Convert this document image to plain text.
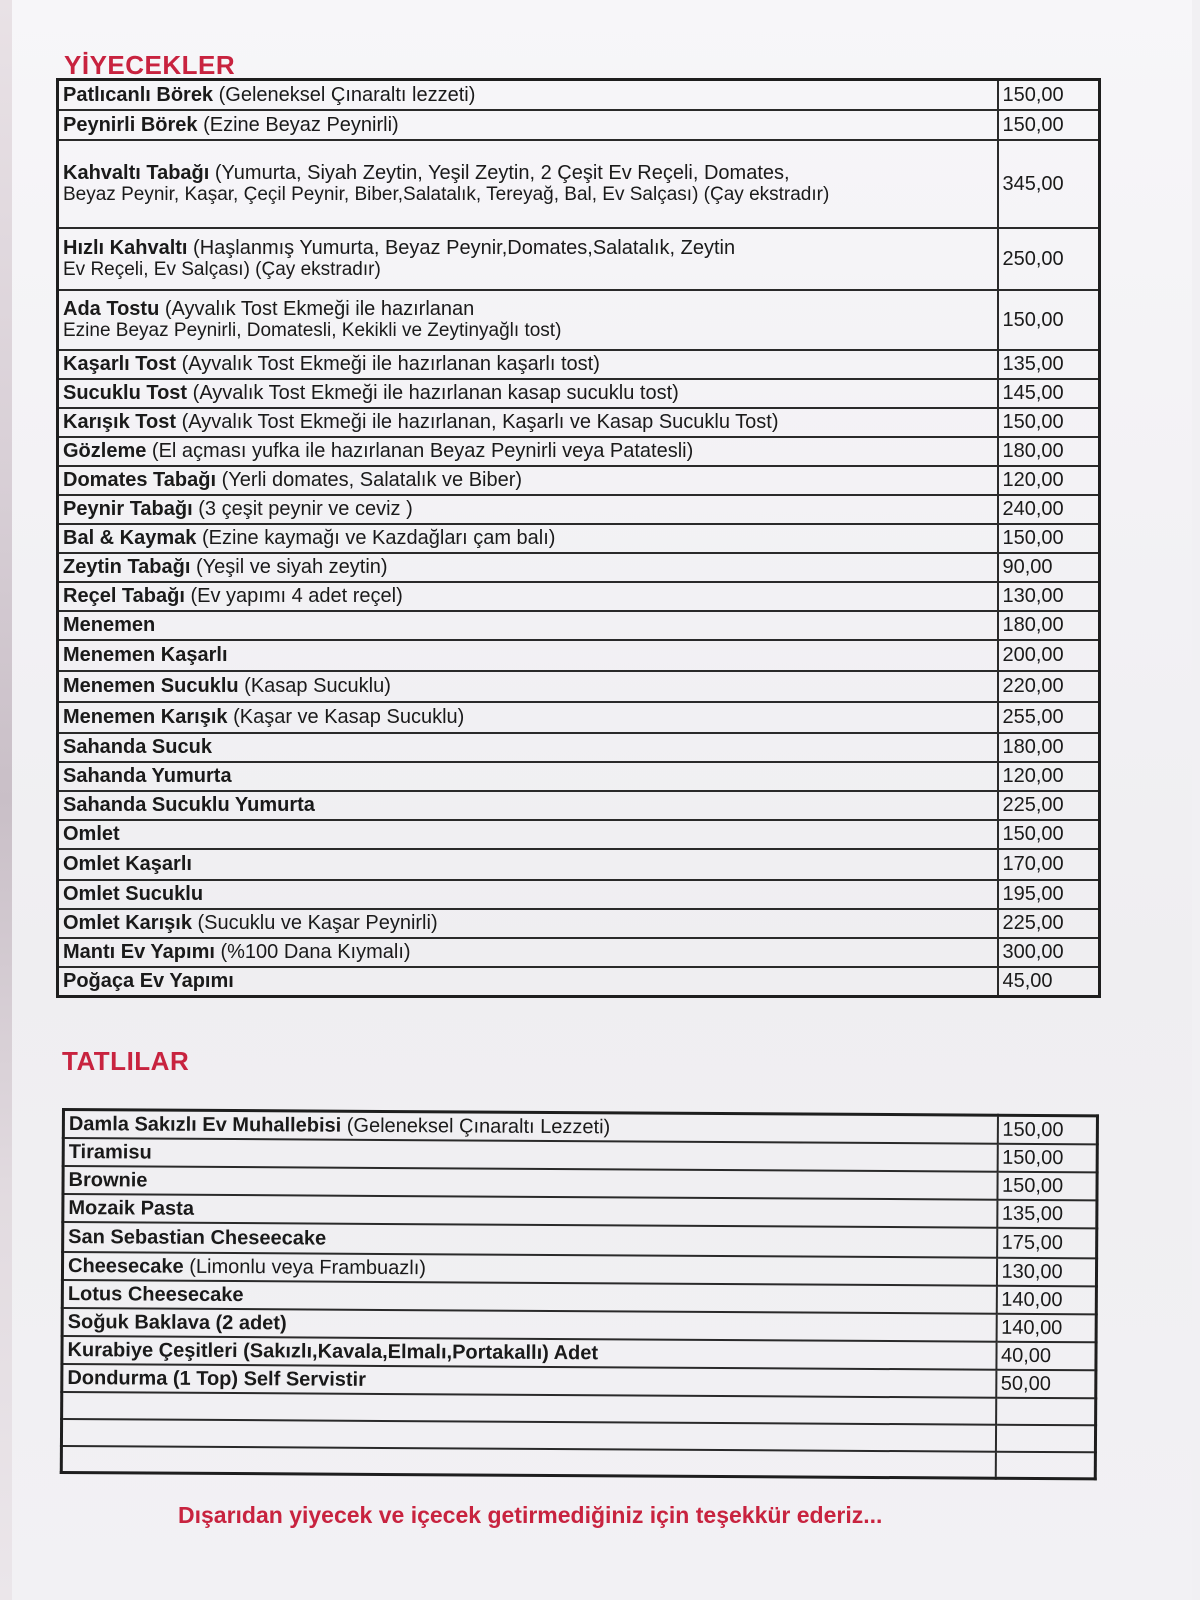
YİYECEKLER
Patlıcanlı Börek (Geleneksel Çınaraltı lezzeti)	150,00
Peynirli Börek (Ezine Beyaz Peynirli)	150,00
Kahvaltı Tabağı (Yumurta, Siyah Zeytin, Yeşil Zeytin, 2 Çeşit Ev Reçeli, Domates,
Beyaz Peynir, Kaşar, Çeçil Peynir, Biber,Salatalık, Tereyağ, Bal, Ev Salçası) (Çay ekstradır)	345,00
Hızlı Kahvaltı (Haşlanmış Yumurta, Beyaz Peynir,Domates,Salatalık, Zeytin
Ev Reçeli, Ev Salçası) (Çay ekstradır)	250,00
Ada Tostu (Ayvalık Tost Ekmeği ile hazırlanan
Ezine Beyaz Peynirli, Domatesli, Kekikli ve Zeytinyağlı tost)	150,00
Kaşarlı Tost (Ayvalık Tost Ekmeği ile hazırlanan kaşarlı tost)	135,00
Sucuklu Tost (Ayvalık Tost Ekmeği ile hazırlanan kasap sucuklu tost)	145,00
Karışık Tost (Ayvalık Tost Ekmeği ile hazırlanan, Kaşarlı ve Kasap Sucuklu Tost)	150,00
Gözleme (El açması yufka ile hazırlanan Beyaz Peynirli veya Patatesli)	180,00
Domates Tabağı (Yerli domates, Salatalık ve Biber)	120,00
Peynir Tabağı (3 çeşit peynir ve ceviz )	240,00
Bal & Kaymak (Ezine kaymağı ve Kazdağları çam balı)	150,00
Zeytin Tabağı (Yeşil ve siyah zeytin)	90,00
Reçel Tabağı (Ev yapımı 4 adet reçel)	130,00
Menemen	180,00
Menemen Kaşarlı	200,00
Menemen Sucuklu (Kasap Sucuklu)	220,00
Menemen Karışık (Kaşar ve Kasap Sucuklu)	255,00
Sahanda Sucuk	180,00
Sahanda Yumurta	120,00
Sahanda Sucuklu Yumurta	225,00
Omlet	150,00
Omlet Kaşarlı	170,00
Omlet Sucuklu	195,00
Omlet Karışık (Sucuklu ve Kaşar Peynirli)	225,00
Mantı Ev Yapımı (%100 Dana Kıymalı)	300,00
Poğaça Ev Yapımı	45,00
TATLILAR
Damla Sakızlı Ev Muhallebisi (Geleneksel Çınaraltı Lezzeti)	150,00
Tiramisu	150,00
Brownie	150,00
Mozaik Pasta	135,00
San Sebastian Cheseecake	175,00
Cheesecake (Limonlu veya Frambuazlı)	130,00
Lotus Cheesecake	140,00
Soğuk Baklava (2 adet)	140,00
Kurabiye Çeşitleri (Sakızlı,Kavala,Elmalı,Portakallı) Adet	40,00
Dondurma (1 Top) Self Servistir	50,00

Dışarıdan yiyecek ve içecek getirmediğiniz için teşekkür ederiz...
